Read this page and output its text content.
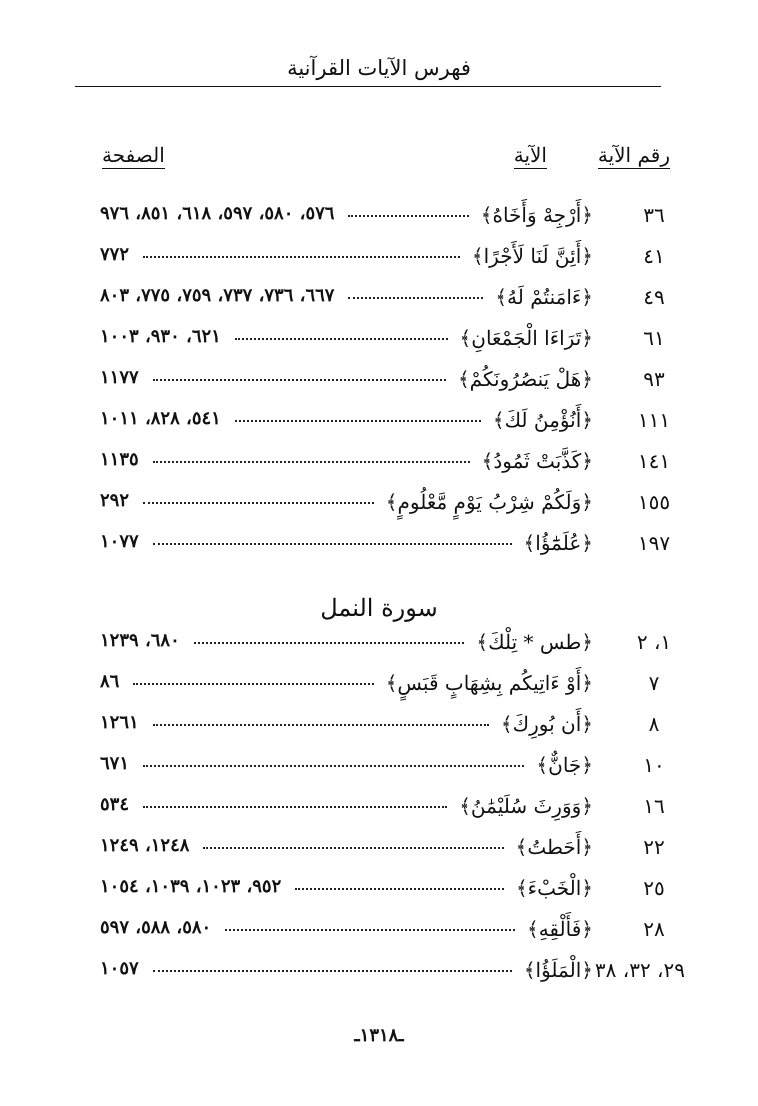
فهرس الآيات القرآنية
رقم الآية
الآية
الصفحة
٣٦
﴿أَرْجِهْ وَأَخَاهُ﴾
٥٧٦، ٥٨٠، ٥٩٧، ٦١٨، ٨٥١، ٩٧٦
٤١
﴿أَئِنَّ لَنَا لَأَجْرًا﴾
٧٧٢
٤٩
﴿ءَامَنتُمْ لَهُ﴾
٦٦٧، ٧٣٦، ٧٣٧، ٧٥٩، ٧٧٥، ٨٠٣
٦١
﴿تَرَاءَا الْجَمْعَانِ﴾
٦٢١، ٩٣٠، ١٠٠٣
٩٣
﴿هَلْ يَنصُرُونَكُمْ﴾
١١٧٧
١١١
﴿أَنُؤْمِنُ لَكَ﴾
٥٤١، ٨٢٨، ١٠١١
١٤١
﴿كَذَّبَتْ ثَمُودُ﴾
١١٣٥
١٥٥
﴿وَلَكُمْ شِرْبُ يَوْمٍ مَّعْلُومٍ﴾
٢٩٢
١٩٧
﴿عُلَمَٰٓؤُا﴾
١٠٧٧
سورة النمل
١، ٢
﴿طس * تِلْكَ﴾
٦٨٠، ١٢٣٩
٧
﴿أَوْ ءَاتِيكُم بِشِهَابٍ قَبَسٍ﴾
٨٦
٨
﴿أَن بُورِكَ﴾
١٢٦١
١٠
﴿جَانٌّ﴾
٦٧١
١٦
﴿وَوَرِثَ سُلَيْمَٰنُ﴾
٥٣٤
٢٢
﴿أَحَطتُ﴾
١٢٤٨، ١٢٤٩
٢٥
﴿الْخَبْءَ﴾
٩٥٢، ١٠٢٣، ١٠٣٩، ١٠٥٤
٢٨
﴿فَأَلْقِهِ﴾
٥٨٠، ٥٨٨، ٥٩٧
٢٩، ٣٢، ٣٨
﴿الْمَلَؤُا﴾
١٠٥٧
ـ١٣١٨ـ
